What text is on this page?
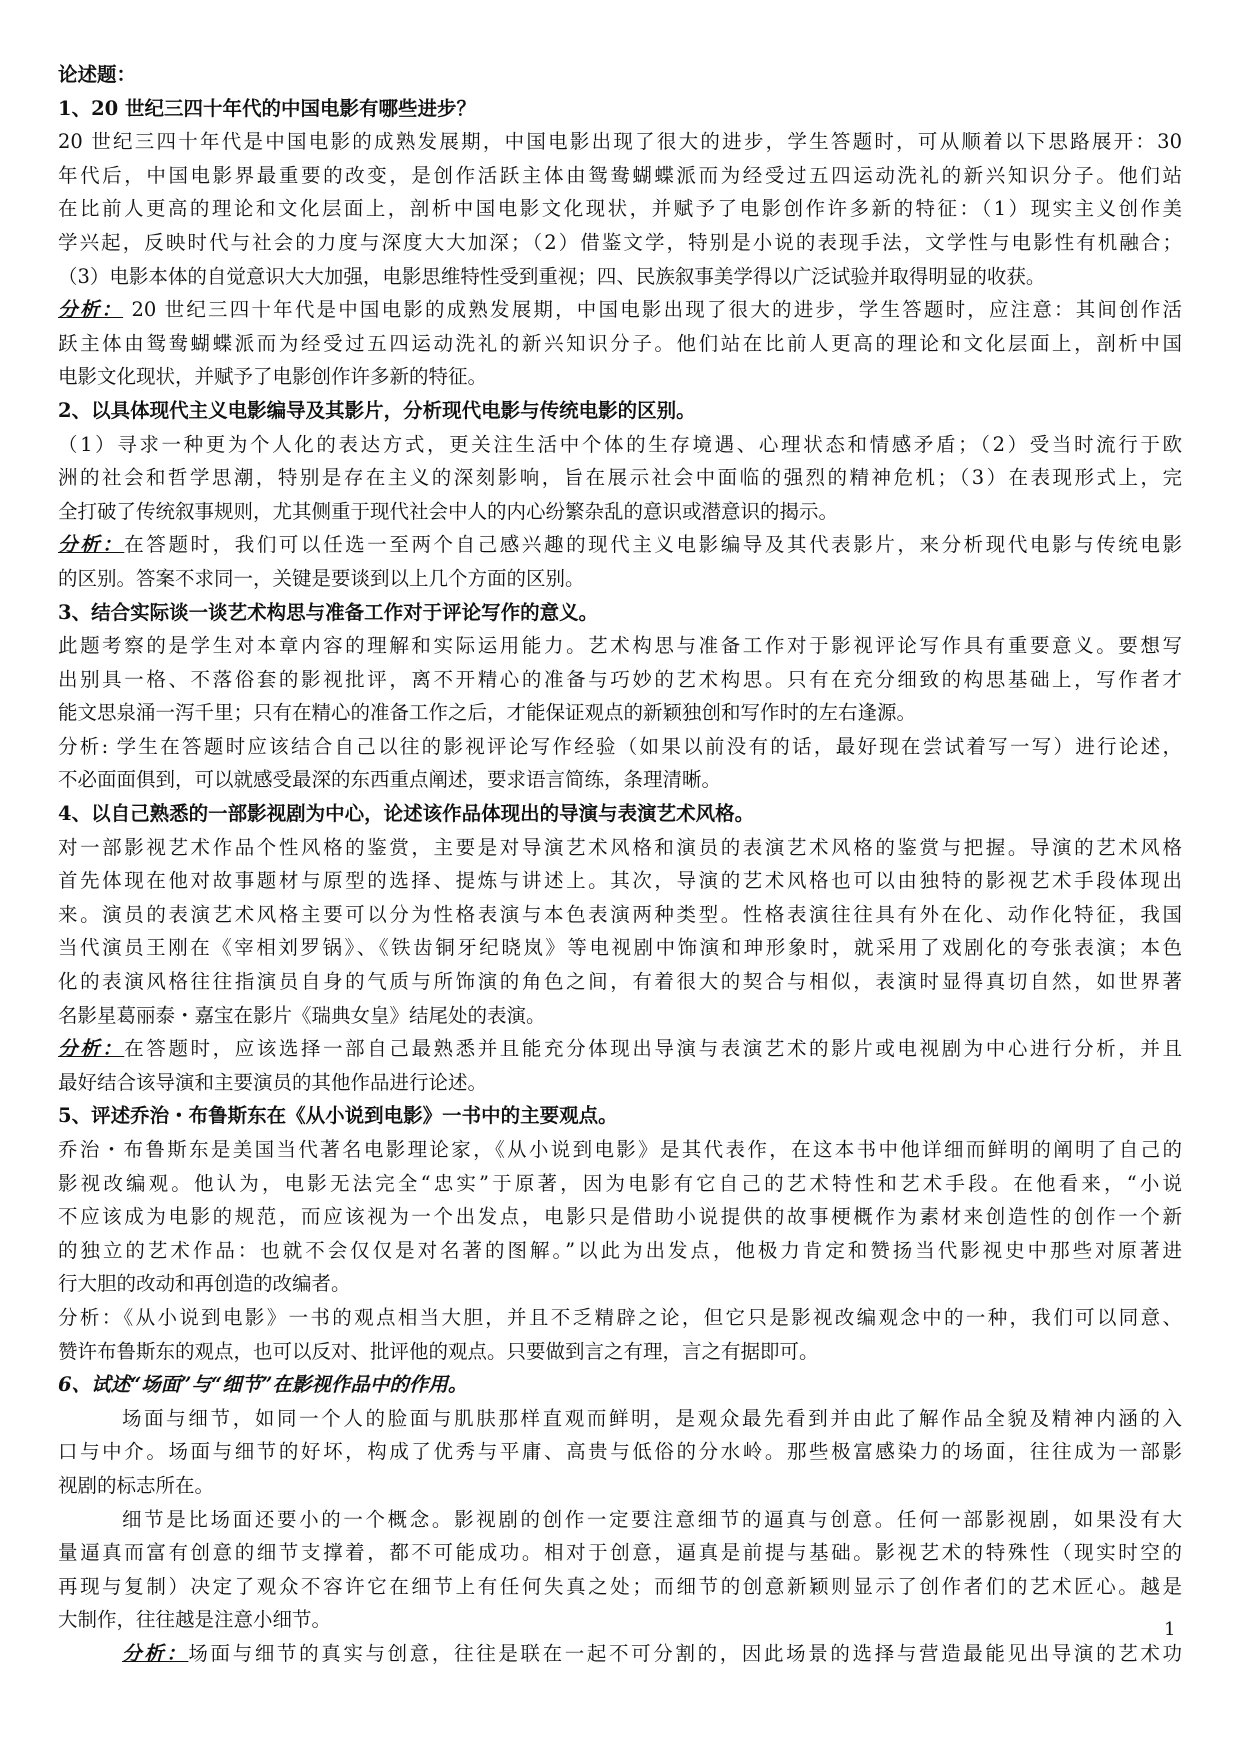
论述题：
1、20 世纪三四十年代的中国电影有哪些进步？
20 世纪三四十年代是中国电影的成熟发展期，中国电影出现了很大的进步，学生答题时，可从顺着以下思路展开：30
年代后，中国电影界最重要的改变，是创作活跃主体由鸳鸯蝴蝶派而为经受过五四运动洗礼的新兴知识分子。他们站
在比前人更高的理论和文化层面上，剖析中国电影文化现状，并赋予了电影创作许多新的特征：（1）现实主义创作美
学兴起，反映时代与社会的力度与深度大大加深；（2）借鉴文学，特别是小说的表现手法，文学性与电影性有机融合；
（3）电影本体的自觉意识大大加强，电影思维特性受到重视；四、民族叙事美学得以广泛试验并取得明显的收获。
分析： 20 世纪三四十年代是中国电影的成熟发展期，中国电影出现了很大的进步，学生答题时，应注意：其间创作活
跃主体由鸳鸯蝴蝶派而为经受过五四运动洗礼的新兴知识分子。他们站在比前人更高的理论和文化层面上，剖析中国
电影文化现状，并赋予了电影创作许多新的特征。
2、以具体现代主义电影编导及其影片，分析现代电影与传统电影的区别。
（1）寻求一种更为个人化的表达方式，更关注生活中个体的生存境遇、心理状态和情感矛盾；（2）受当时流行于欧
洲的社会和哲学思潮，特别是存在主义的深刻影响，旨在展示社会中面临的强烈的精神危机；（3）在表现形式上，完
全打破了传统叙事规则，尤其侧重于现代社会中人的内心纷繁杂乱的意识或潜意识的揭示。
分析：在答题时，我们可以任选一至两个自己感兴趣的现代主义电影编导及其代表影片，来分析现代电影与传统电影
的区别。答案不求同一，关键是要谈到以上几个方面的区别。
3、结合实际谈一谈艺术构思与准备工作对于评论写作的意义。
此题考察的是学生对本章内容的理解和实际运用能力。艺术构思与准备工作对于影视评论写作具有重要意义。要想写
出别具一格、不落俗套的影视批评，离不开精心的准备与巧妙的艺术构思。只有在充分细致的构思基础上，写作者才
能文思泉涌一泻千里；只有在精心的准备工作之后，才能保证观点的新颖独创和写作时的左右逢源。
分析: 学生在答题时应该结合自己以往的影视评论写作经验（如果以前没有的话，最好现在尝试着写一写）进行论述，
不必面面俱到，可以就感受最深的东西重点阐述，要求语言简练，条理清晰。
4、以自己熟悉的一部影视剧为中心，论述该作品体现出的导演与表演艺术风格。
对一部影视艺术作品个性风格的鉴赏，主要是对导演艺术风格和演员的表演艺术风格的鉴赏与把握。导演的艺术风格
首先体现在他对故事题材与原型的选择、提炼与讲述上。其次，导演的艺术风格也可以由独特的影视艺术手段体现出
来。演员的表演艺术风格主要可以分为性格表演与本色表演两种类型。性格表演往往具有外在化、动作化特征，我国
当代演员王刚在《宰相刘罗锅》、《铁齿铜牙纪晓岚》等电视剧中饰演和珅形象时，就采用了戏剧化的夸张表演；本色
化的表演风格往往指演员自身的气质与所饰演的角色之间，有着很大的契合与相似，表演时显得真切自然，如世界著
名影星葛丽泰・嘉宝在影片《瑞典女皇》结尾处的表演。
分析：在答题时，应该选择一部自己最熟悉并且能充分体现出导演与表演艺术的影片或电视剧为中心进行分析，并且
最好结合该导演和主要演员的其他作品进行论述。
5、评述乔治・布鲁斯东在《从小说到电影》一书中的主要观点。
乔治・布鲁斯东是美国当代著名电影理论家，《从小说到电影》是其代表作，在这本书中他详细而鲜明的阐明了自己的
影视改编观。他认为，电影无法完全“忠实”于原著，因为电影有它自己的艺术特性和艺术手段。在他看来，“小说
不应该成为电影的规范，而应该视为一个出发点，电影只是借助小说提供的故事梗概作为素材来创造性的创作一个新
的独立的艺术作品：也就不会仅仅是对名著的图解。”以此为出发点，他极力肯定和赞扬当代影视史中那些对原著进
行大胆的改动和再创造的改编者。
分析：《从小说到电影》一书的观点相当大胆，并且不乏精辟之论，但它只是影视改编观念中的一种，我们可以同意、
赞许布鲁斯东的观点，也可以反对、批评他的观点。只要做到言之有理，言之有据即可。
6、试述“场面”与“细节”在影视作品中的作用。
场面与细节，如同一个人的脸面与肌肤那样直观而鲜明，是观众最先看到并由此了解作品全貌及精神内涵的入
口与中介。场面与细节的好坏，构成了优秀与平庸、高贵与低俗的分水岭。那些极富感染力的场面，往往成为一部影
视剧的标志所在。
细节是比场面还要小的一个概念。影视剧的创作一定要注意细节的逼真与创意。任何一部影视剧，如果没有大
量逼真而富有创意的细节支撑着，都不可能成功。相对于创意，逼真是前提与基础。影视艺术的特殊性（现实时空的
再现与复制）决定了观众不容许它在细节上有任何失真之处；而细节的创意新颖则显示了创作者们的艺术匠心。越是
大制作，往往越是注意小细节。
分析：场面与细节的真实与创意，往往是联在一起不可分割的，因此场景的选择与营造最能见出导演的艺术功
1
